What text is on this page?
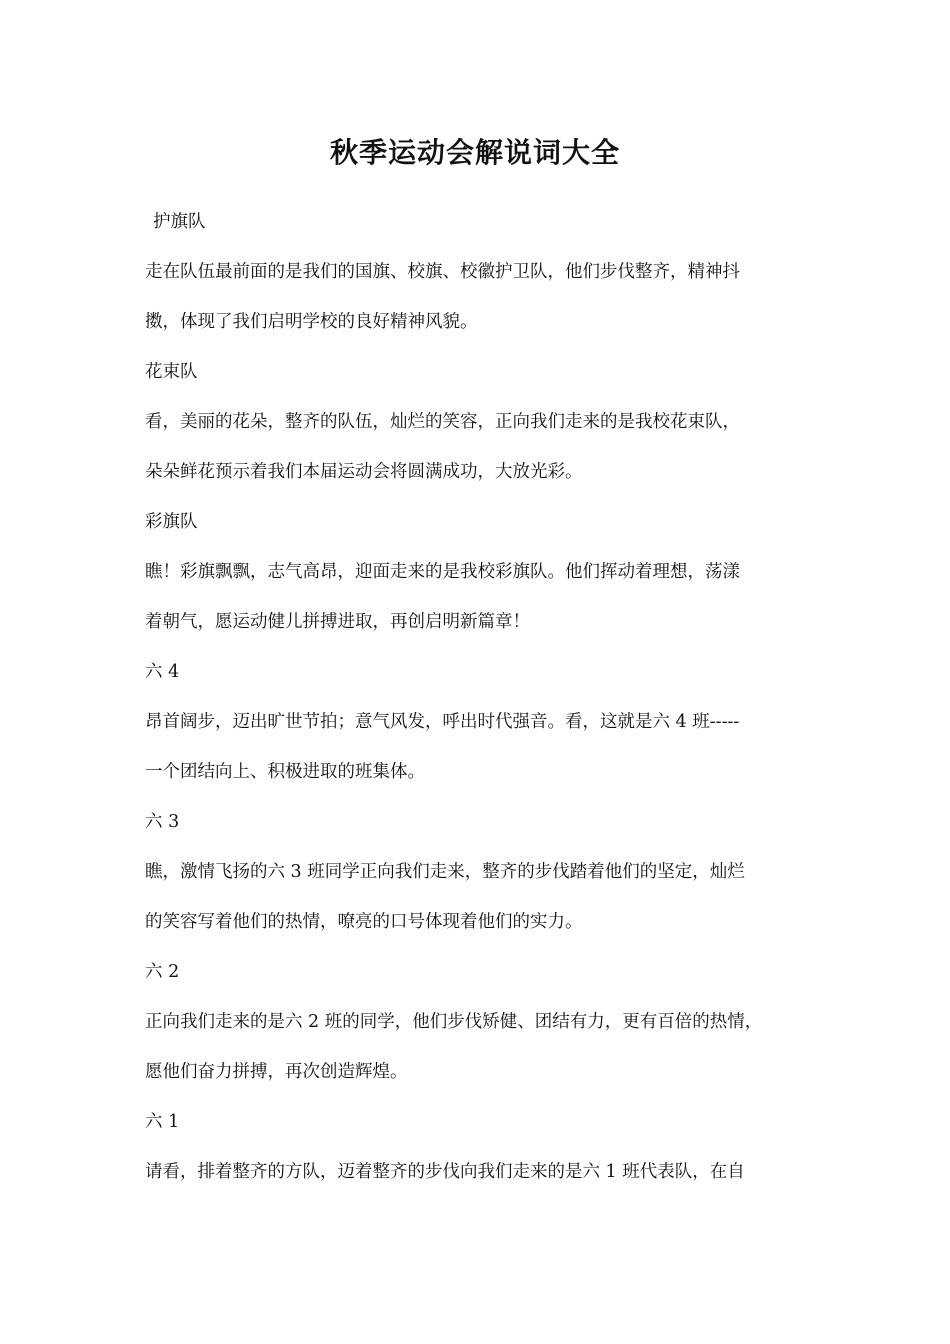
秋季运动会解说词大全
护旗队
走在队伍最前面的是我们的国旗、校旗、校徽护卫队，他们步伐整齐，精神抖
擞，体现了我们启明学校的良好精神风貌。
花束队
看，美丽的花朵，整齐的队伍，灿烂的笑容，正向我们走来的是我校花束队，
朵朵鲜花预示着我们本届运动会将圆满成功，大放光彩。
彩旗队
瞧！彩旗飘飘，志气高昂，迎面走来的是我校彩旗队。他们挥动着理想，荡漾
着朝气，愿运动健儿拼搏进取，再创启明新篇章！
六 4
昂首阔步，迈出旷世节拍；意气风发，呼出时代强音。看，这就是六 4 班-----
一个团结向上、积极进取的班集体。
六 3
瞧，激情飞扬的六 3 班同学正向我们走来，整齐的步伐踏着他们的坚定，灿烂
的笑容写着他们的热情，嘹亮的口号体现着他们的实力。
六 2
正向我们走来的是六 2 班的同学，他们步伐矫健、团结有力，更有百倍的热情，
愿他们奋力拼搏，再次创造辉煌。
六 1
请看，排着整齐的方队，迈着整齐的步伐向我们走来的是六 1 班代表队，在自
